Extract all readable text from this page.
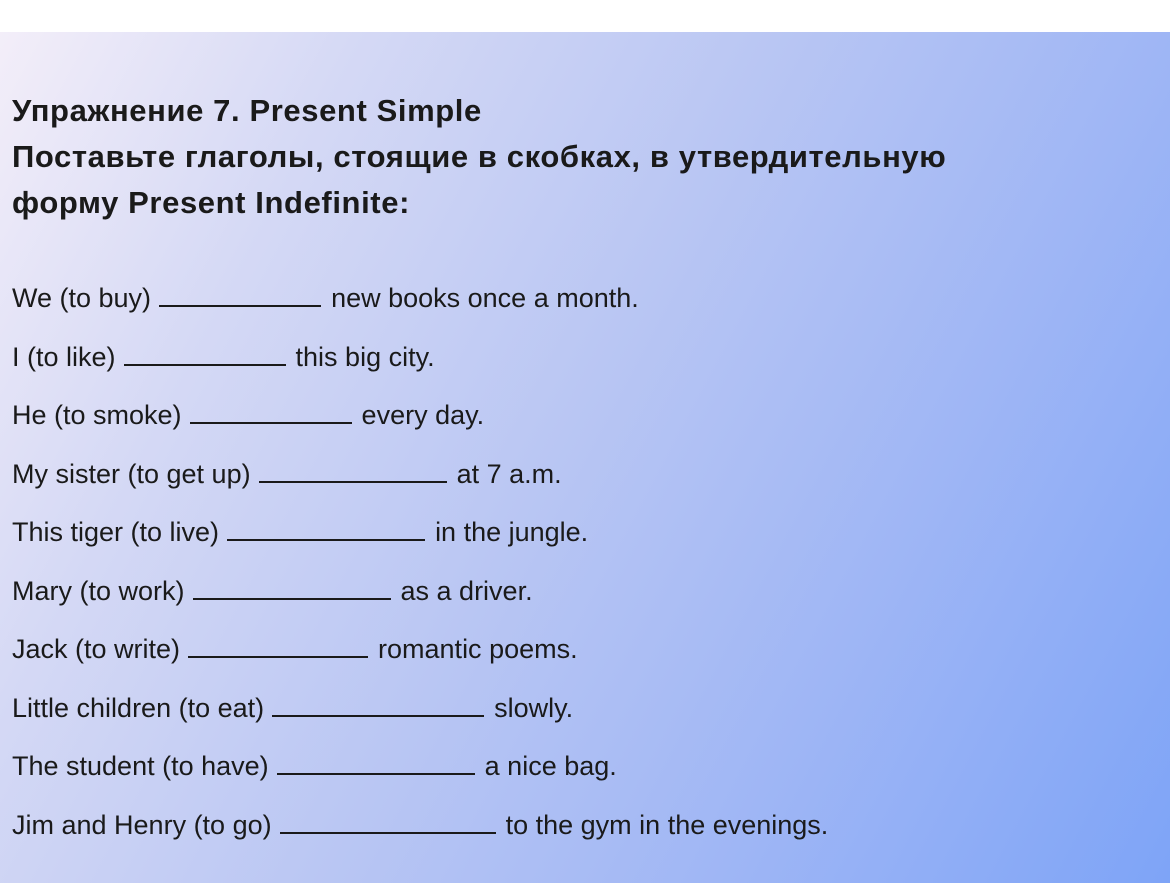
Упражнение 7. Present Simple
Поставьте глаголы, стоящие в скобках, в утвердительную
форму Present Indefinite:
We (to buy)	new books once a month.
I (to like)	this big city.
He (to smoke)	every day.
My sister (to get up)	at 7 a.m.
This tiger (to live)	in the jungle.
Mary (to work)	as a driver.
Jack (to write)	romantic poems.
Little children (to eat)	slowly.
The student (to have)	a nice bag.
Jim and Henry (to go)	to the gym in the evenings.
